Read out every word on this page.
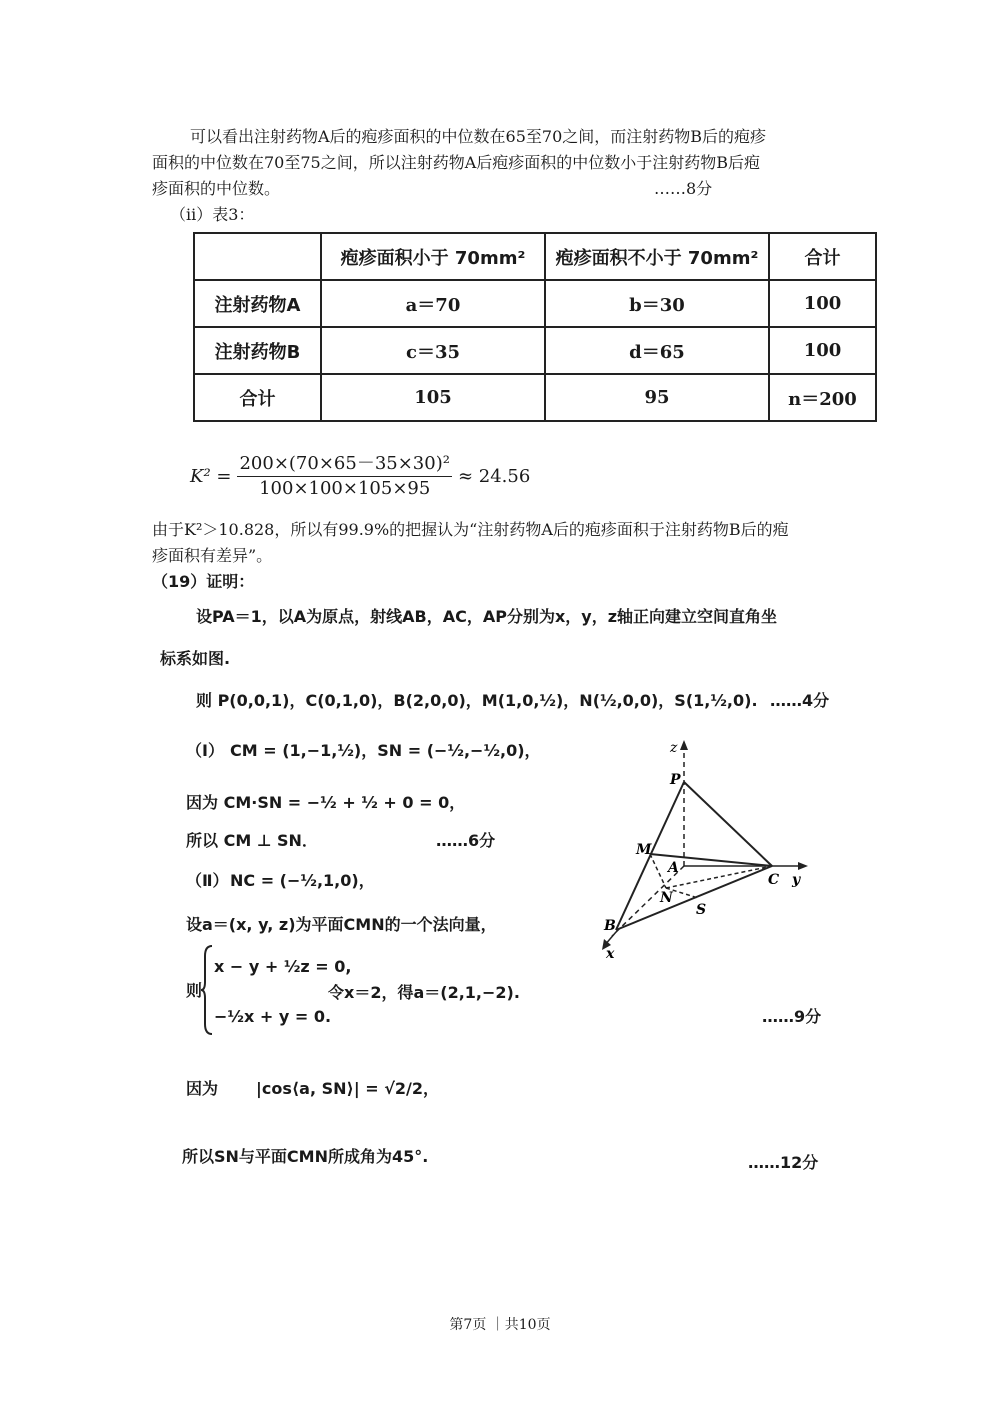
可以看出注射药物A后的疱疹面积的中位数在65至70之间，而注射药物B后的疱疹
面积的中位数在70至75之间，所以注射药物A后疱疹面积的中位数小于注射药物B后疱
疹面积的中位数。	……8分
（ii）表3：
	疱疹面积小于 70mm²	疱疹面积不小于 70mm²	合计
注射药物A	a＝70	b＝30	100
注射药物B	c＝35	d＝65	100
合计	105	95	n＝200
$K^2 = \frac{\text{200×(70×65－35×30)²}}{100\times 100\times 105\times 95} \approx 24.56$
由于K²＞10.828，所以有99.9%的把握认为“注射药物A后的疱疹面积于注射药物B后的疱
疹面积有差异”。
（19）证明：
设PA＝1，以A为原点，射线AB，AC，AP分别为x，y，z轴正向建立空间直角坐
标系如图.
则 P(0,0,1)，C(0,1,0)，B(2,0,0)，M(1,0,½)，N(½,0,0)，S(1,½,0). ……4分
（Ⅰ） CM = (1,−1,½)，SN = (−½,−½,0)，
因为 CM·SN = −½ + ½ + 0 = 0，
所以 CM ⊥ SN．	……6分
（Ⅱ） NC = (−½,1,0)，
设a＝(x, y, z)为平面CMN的一个法向量，
则
x − y + ½z = 0,
−½x + y = 0.
令x＝2，得a＝(2,1,−2).
……9分
因为 |cos⟨a, SN⟩| = √2/2，
所以SN与平面CMN所成角为45°.	……12分
z
P
M
A
C y
N
S
B
x
第7页 ｜共10页
